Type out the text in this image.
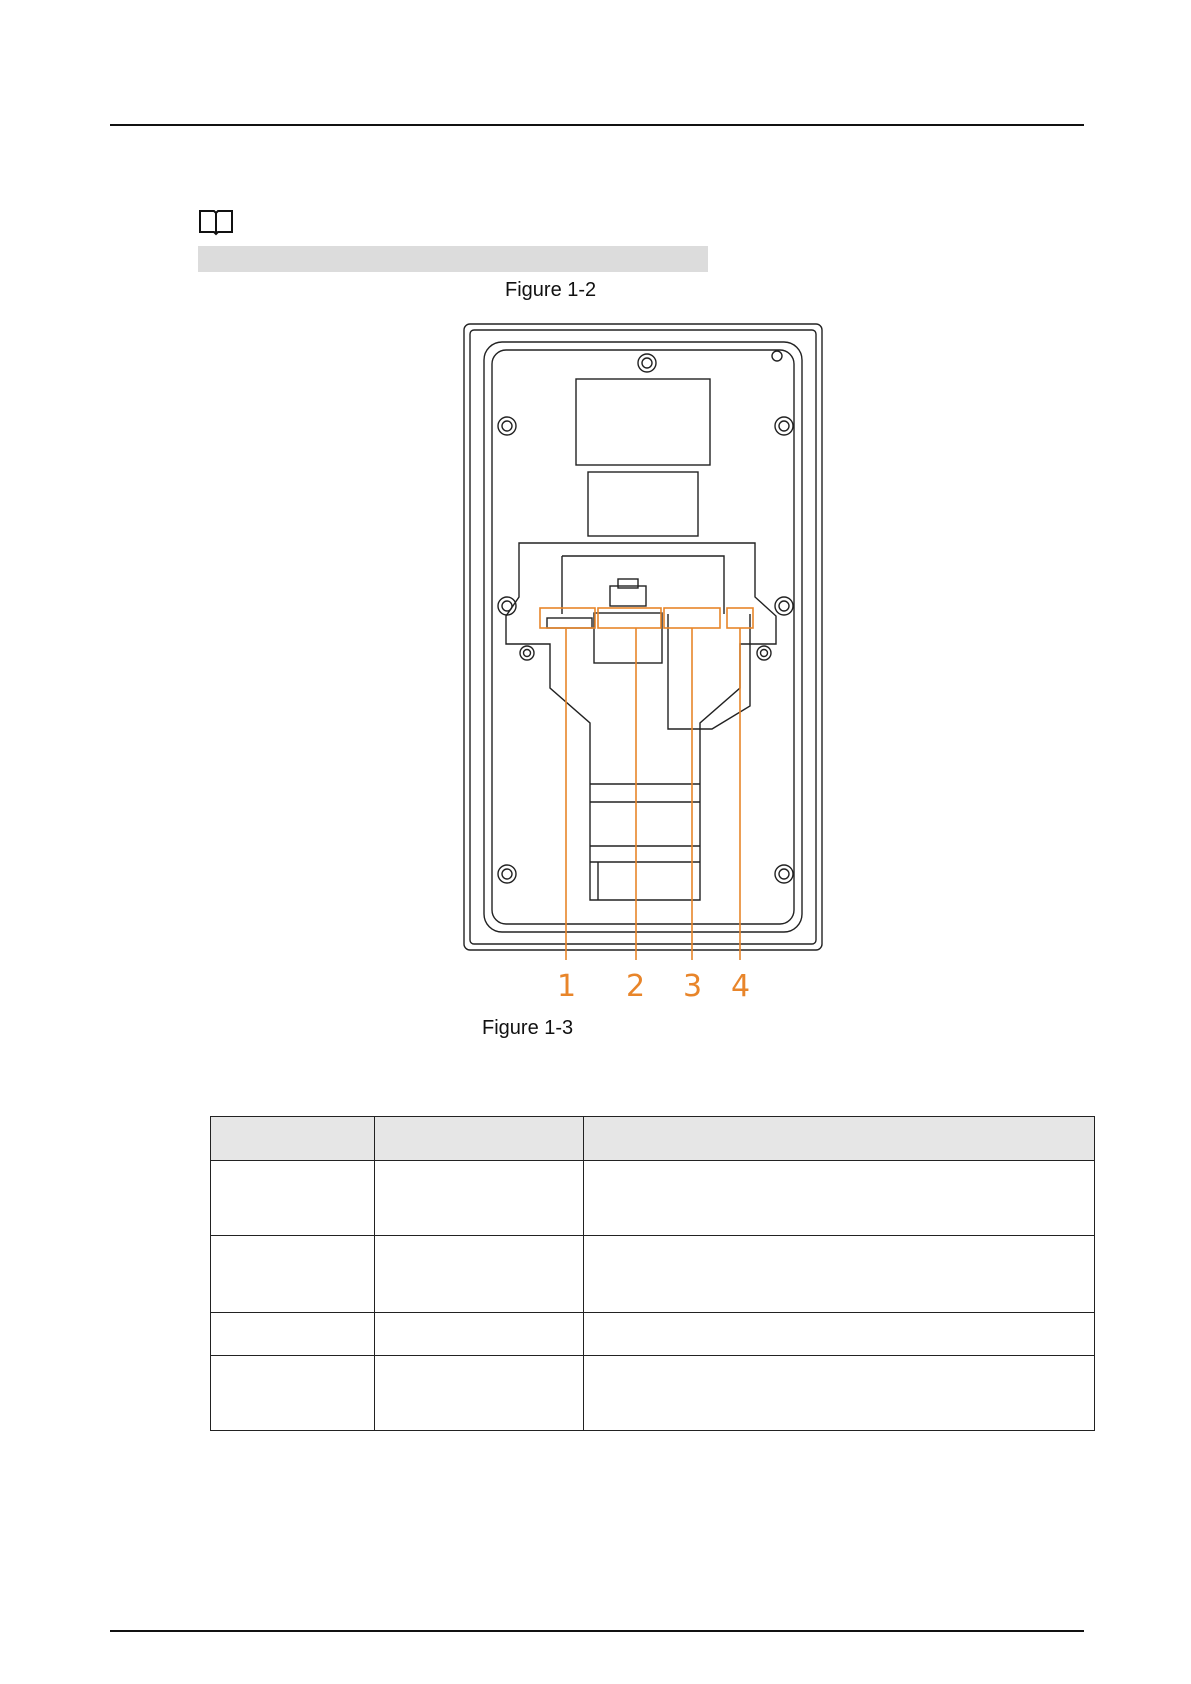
Figure 1-2
1 2 3 4
Figure 1-3
